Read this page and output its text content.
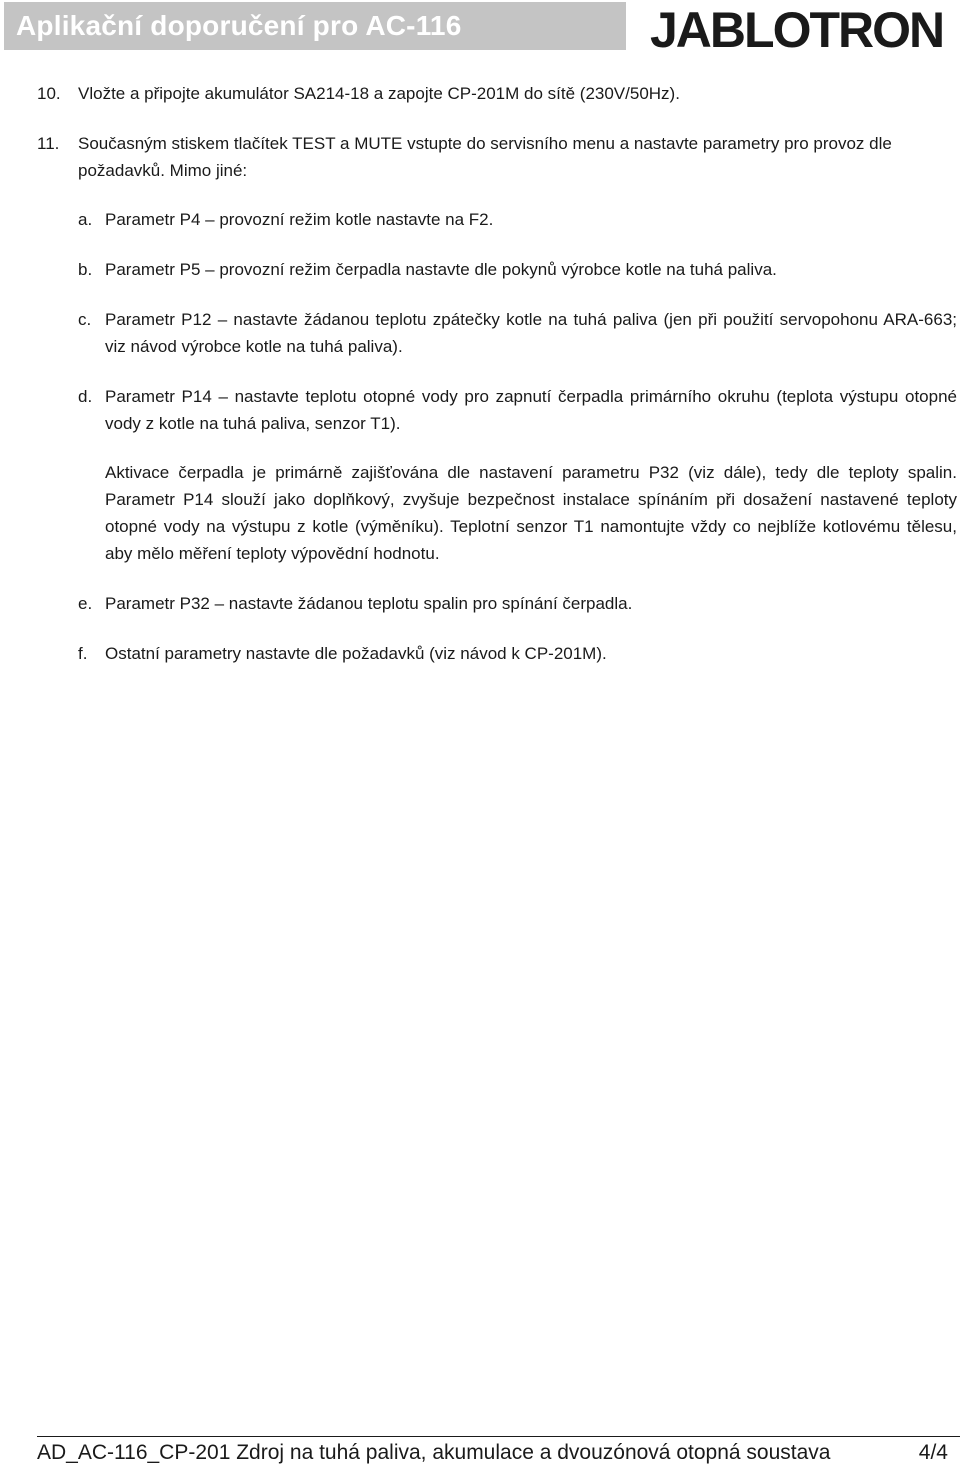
Aplikační doporučení pro AC-116	JABLOTRON
10. Vložte a připojte akumulátor SA214-18 a zapojte CP-201M do sítě (230V/50Hz).
11. Současným stiskem tlačítek TEST a MUTE vstupte do servisního menu a nastavte parametry pro provoz dle požadavků. Mimo jiné:
a. Parametr P4 – provozní režim kotle nastavte na F2.
b. Parametr P5 – provozní režim čerpadla nastavte dle pokynů výrobce kotle na tuhá paliva.
c. Parametr P12 – nastavte žádanou teplotu zpátečky kotle na tuhá paliva (jen při použití servopohonu ARA-663; viz návod výrobce kotle na tuhá paliva).
d. Parametr P14 – nastavte teplotu otopné vody pro zapnutí čerpadla primárního okruhu (teplota výstupu otopné vody z kotle na tuhá paliva, senzor T1).
Aktivace čerpadla je primárně zajišťována dle nastavení parametru P32 (viz dále), tedy dle teploty spalin. Parametr P14 slouží jako doplňkový, zvyšuje bezpečnost instalace spínáním při dosažení nastavené teploty otopné vody na výstupu z kotle (výměníku). Teplotní senzor T1 namontujte vždy co nejblíže kotlovému tělesu, aby mělo měření teploty výpovědní hodnotu.
e. Parametr P32 – nastavte žádanou teplotu spalin pro spínání čerpadla.
f. Ostatní parametry nastavte dle požadavků (viz návod k CP-201M).
AD_AC-116_CP-201 Zdroj na tuhá paliva, akumulace a dvouzónová otopná soustava	4/4
